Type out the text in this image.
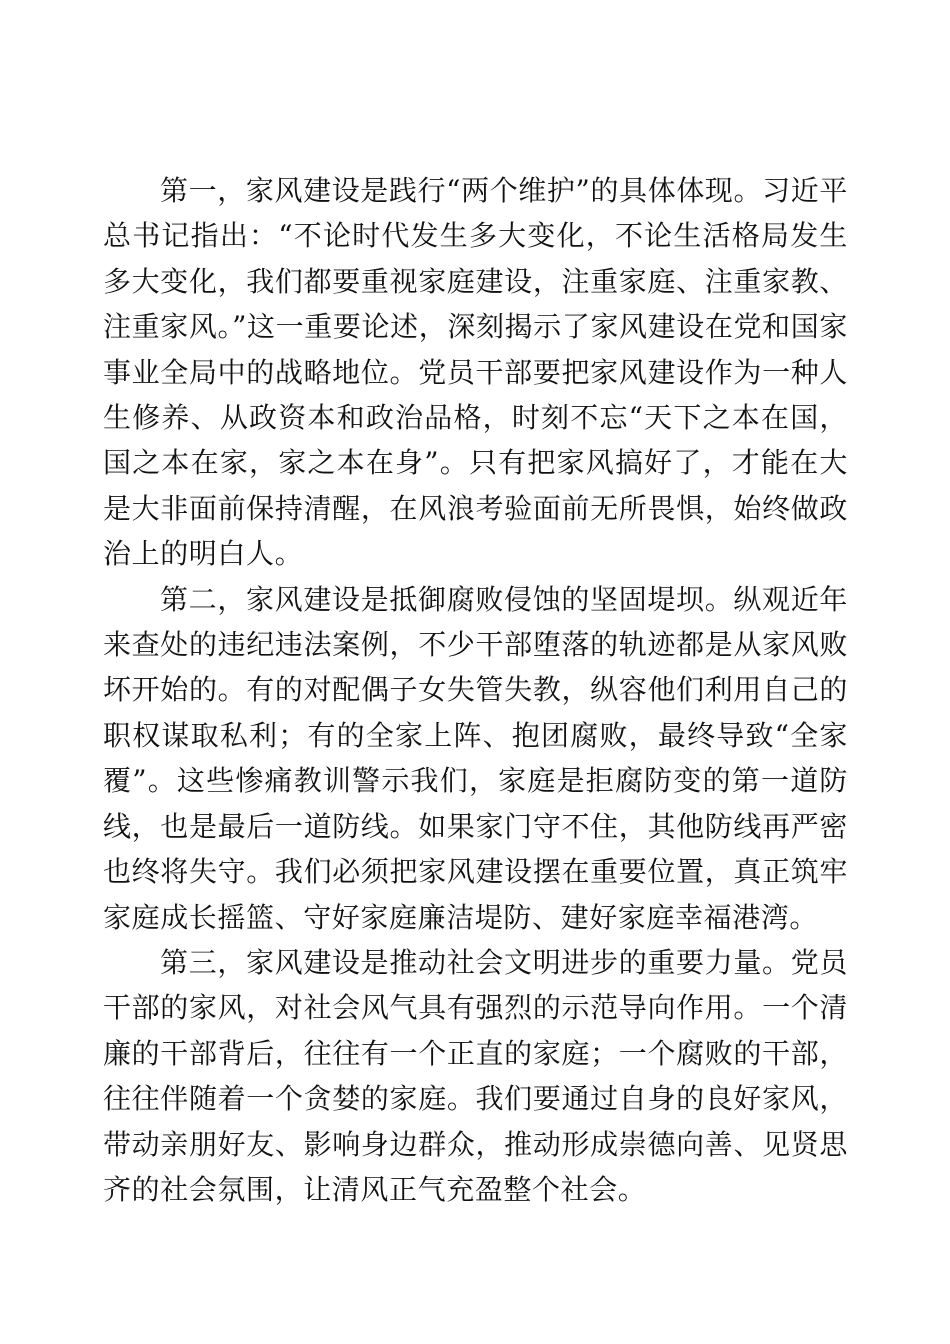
第一，家风建设是践行“两个维护”的具体体现。习近平总书记指出：“不论时代发生多大变化，不论生活格局发生多大变化，我们都要重视家庭建设，注重家庭、注重家教、注重家风。”这一重要论述，深刻揭示了家风建设在党和国家事业全局中的战略地位。党员干部要把家风建设作为一种人生修养、从政资本和政治品格，时刻不忘“天下之本在国，国之本在家，家之本在身”。只有把家风搞好了，才能在大是大非面前保持清醒，在风浪考验面前无所畏惧，始终做政治上的明白人。

第二，家风建设是抵御腐败侵蚀的坚固堤坝。纵观近年来查处的违纪违法案例，不少干部堕落的轨迹都是从家风败坏开始的。有的对配偶子女失管失教，纵容他们利用自己的职权谋取私利；有的全家上阵、抱团腐败，最终导致“全家覆”。这些惨痛教训警示我们，家庭是拒腐防变的第一道防线，也是最后一道防线。如果家门守不住，其他防线再严密也终将失守。我们必须把家风建设摆在重要位置，真正筑牢家庭成长摇篮、守好家庭廉洁堤防、建好家庭幸福港湾。

第三，家风建设是推动社会文明进步的重要力量。党员干部的家风，对社会风气具有强烈的示范导向作用。一个清廉的干部背后，往往有一个正直的家庭；一个腐败的干部，往往伴随着一个贪婪的家庭。我们要通过自身的良好家风，带动亲朋好友、影响身边群众，推动形成崇德向善、见贤思齐的社会氛围，让清风正气充盈整个社会。
